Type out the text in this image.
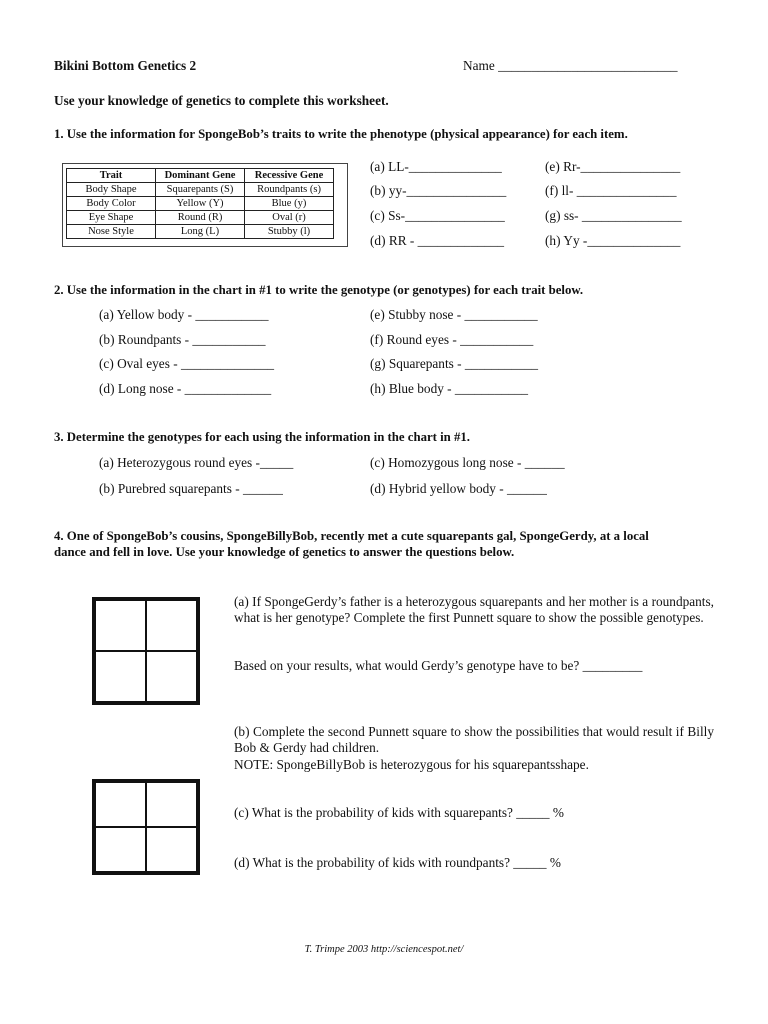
Bikini Bottom Genetics 2	Name ___________________________
Use your knowledge of genetics to complete this worksheet.
1. Use the information for SpongeBob’s traits to write the phenotype (physical appearance) for each item.
Trait	Dominant Gene	Recessive Gene
Body Shape	Squarepants (S)	Roundpants (s)
Body Color	Yellow (Y)	Blue (y)
Eye Shape	Round (R)	Oval (r)
Nose Style	Long (L)	Stubby (l)
(a) LL-______________
(b) yy-_______________
(c) Ss-_______________
(d) RR - _____________
(e) Rr-_______________
(f) ll- _______________
(g) ss- _______________
(h) Yy -______________
2. Use the information in the chart in #1 to write the genotype (or genotypes) for each trait below.
(a) Yellow body - ___________
(b) Roundpants - ___________
(c) Oval eyes - ______________
(d) Long nose - _____________
(e) Stubby nose - ___________
(f) Round eyes - ___________
(g) Squarepants - ___________
(h) Blue body - ___________
3. Determine the genotypes for each using the information in the chart in #1.
(a) Heterozygous round eyes -_____
(b) Purebred squarepants - ______
(c) Homozygous long nose - ______
(d) Hybrid yellow body - ______
4. One of SpongeBob’s cousins, SpongeBillyBob, recently met a cute squarepants gal, SpongeGerdy, at a local
dance and fell in love. Use your knowledge of genetics to answer the questions below.
(a) If SpongeGerdy’s father is a heterozygous squarepants and her mother is a roundpants, what is her genotype? Complete the first Punnett square to show the possible genotypes.
Based on your results, what would Gerdy’s genotype have to be? _________
(b) Complete the second Punnett square to show the possibilities that would result if Billy Bob & Gerdy had children.
NOTE: SpongeBillyBob is heterozygous for his squarepantsshape.
(c) What is the probability of kids with squarepants? _____ %
(d) What is the probability of kids with roundpants? _____ %
T. Trimpe 2003 http://sciencespot.net/
